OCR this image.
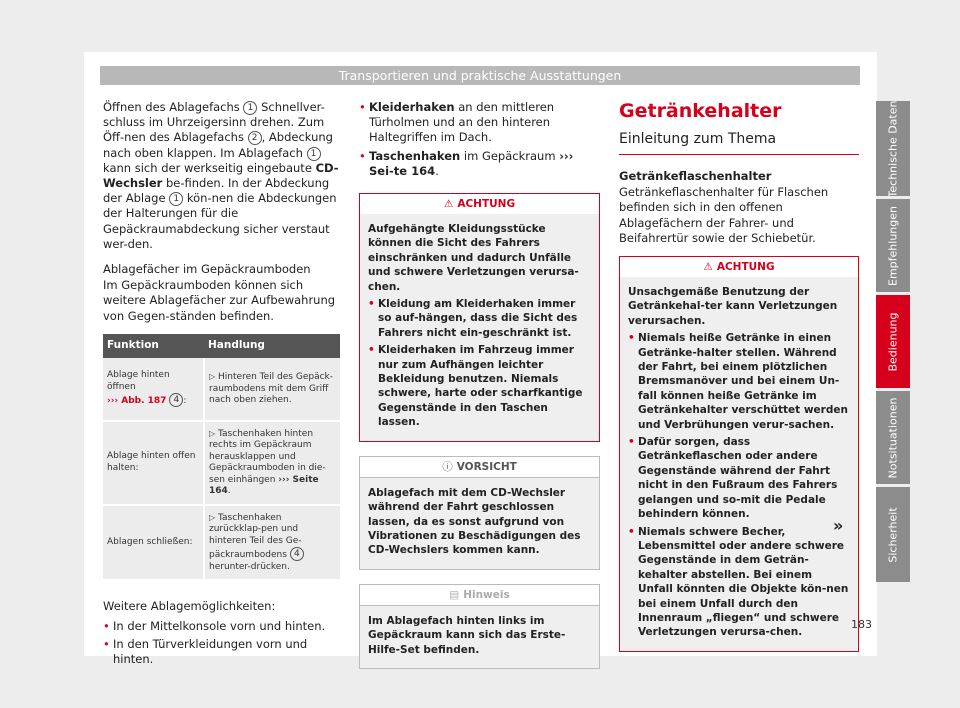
Transportieren und praktische Ausstattungen

Öffnen des Ablagefachs 1 Schnellver-schluss im Uhrzeigersinn drehen. Zum Öff-nen des Ablagefachs 2 , Abdeckung nach oben klappen. Im Ablagefach 1 kann sich der werkseitig eingebaute CD-Wechsler be-finden. In der Abdeckung der Ablage 1 kön-nen die Abdeckungen der Halterungen für die Gepäckraumabdeckung sicher verstaut wer-den.

Ablagefächer im Gepäckraumboden

Im Gepäckraumboden können sich weitere Ablagefächer zur Aufbewahrung von Gegen-ständen befinden.

Funktion	Handlung
Ablage hinten öffnen
››› Abb. 187 4 :	▷ Hinteren Teil des Gepäck-raumbodens mit dem Griff nach oben ziehen.
Ablage hinten offen halten:	▷ Taschenhaken hinten rechts im Gepäckraum herausklappen und Gepäckraumboden in die-sen einhängen ››› Seite 164.
Ablagen schließen:	▷ Taschenhaken zurückklap-pen und hinteren Teil des Ge-päckraumbodens 4 herunter-drücken.

Weitere Ablagemöglichkeiten:

• In der Mittelkonsole vorn und hinten.
• In den Türverkleidungen vorn und hinten.
• Kleiderhaken an den mittleren Türholmen und an den hinteren Haltegriffen im Dach.
• Taschenhaken im Gepäckraum ››› Sei-te 164.
⚠ ACHTUNG

Aufgehängte Kleidungsstücke können die Sicht des Fahrers einschränken und dadurch Unfälle und schwere Verletzungen verursa-chen.

• Kleidung am Kleiderhaken immer so auf-hängen, dass die Sicht des Fahrers nicht ein-geschränkt ist.
• Kleiderhaken im Fahrzeug immer nur zum Aufhängen leichter Bekleidung benutzen. Niemals schwere, harte oder scharfkantige Gegenstände in den Taschen lassen.
ⓘ VORSICHT

Ablagefach mit dem CD-Wechsler während der Fahrt geschlossen lassen, da es sonst aufgrund von Vibrationen zu Beschädigungen des CD-Wechslers kommen kann.

▤ Hinweis

Im Ablagefach hinten links im Gepäckraum kann sich das Erste-Hilfe-Set befinden.

Getränkehalter
Einleitung zum Thema

Getränkeflaschenhalter

Getränkeflaschenhalter für Flaschen befinden sich in den offenen Ablagefächern der Fahrer- und Beifahrertür sowie der Schiebetür.

⚠ ACHTUNG

Unsachgemäße Benutzung der Getränkehal-ter kann Verletzungen verursachen.

• Niemals heiße Getränke in einen Getränke-halter stellen. Während der Fahrt, bei einem plötzlichen Bremsmanöver und bei einem Un-fall können heiße Getränke im Getränkehalter verschüttet werden und Verbrühungen verur-sachen.
• Dafür sorgen, dass Getränkeflaschen oder andere Gegenstände während der Fahrt nicht in den Fußraum des Fahrers gelangen und so-mit die Pedale behindern können.
• Niemals schwere Becher, Lebensmittel oder andere schwere Gegenstände in dem Geträn-kehalter abstellen. Bei einem Unfall könnten die Objekte kön-nen bei einem Unfall durch den Innenraum „fliegen“ und schwere Verletzungen verursa-chen.
»
Technische Daten
Empfehlungen
Bedienung
Notsituationen
Sicherheit
183
